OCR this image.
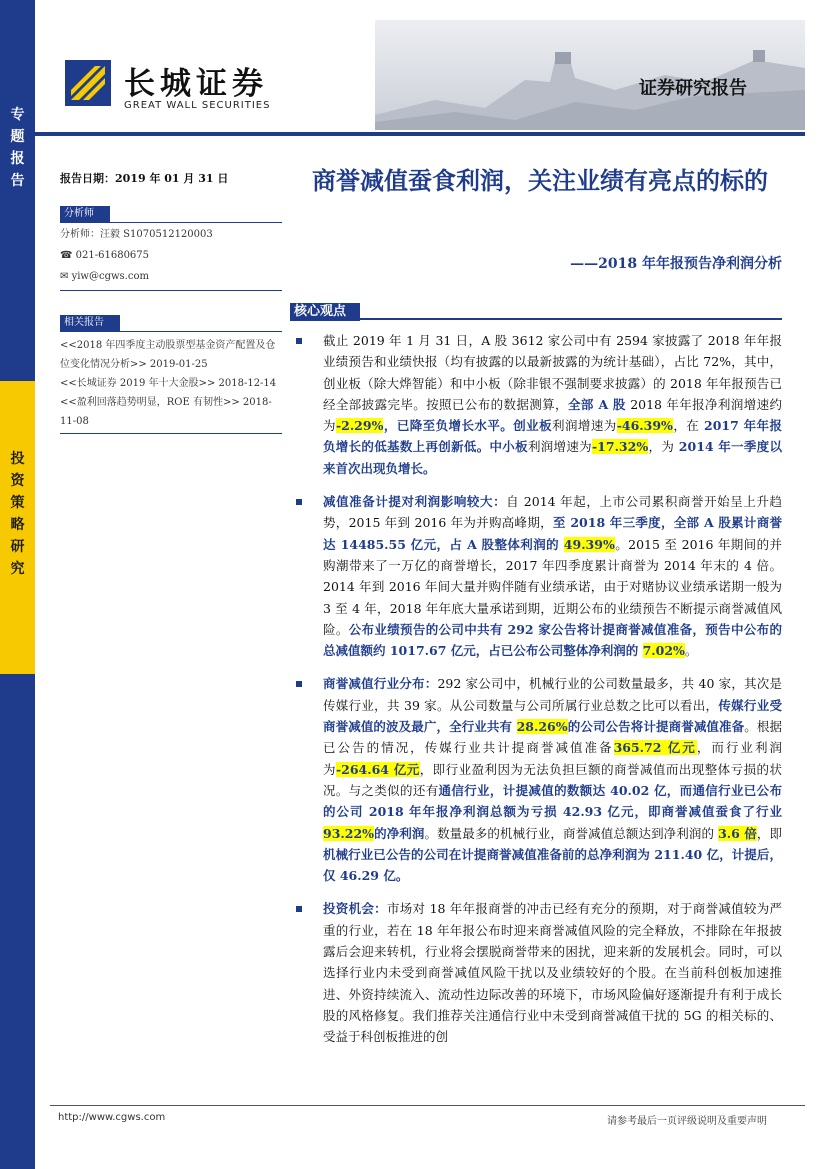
专
题
报
告
投
资
策
略
研
究
长城证券
GREAT WALL SECURITIES
证券研究报告
报告日期：2019 年 01 月 31 日
分析师
分析师：汪毅 S1070512120003
☎ 021-61680675
✉ yiw@cgws.com
相关报告
<<2018 年四季度主动股票型基金资产配置及仓位变化情况分析>> 2019-01-25
<<长城证券 2019 年十大金股>> 2018-12-14
<<盈利回落趋势明显，ROE 有韧性>> 2018-11-08
商誉减值蚕食利润，关注业绩有亮点的标的
——2018 年年报预告净利润分析
核心观点
截止 2019 年 1 月 31 日，A 股 3612 家公司中有 2594 家披露了 2018 年年报业绩预告和业绩快报（均有披露的以最新披露的为统计基础），占比 72%，其中，创业板（除大烨智能）和中小板（除非银不强制要求披露）的 2018 年年报预告已经全部披露完毕。按照已公布的数据测算，全部 A 股 2018 年年报净利润增速约为-2.29%，已降至负增长水平。创业板利润增速为-46.39%，在 2017 年年报负增长的低基数上再创新低。中小板利润增速为-17.32%，为 2014 年一季度以来首次出现负增长。
减值准备计提对利润影响较大：自 2014 年起，上市公司累积商誉开始呈上升趋势，2015 年到 2016 年为并购高峰期，至 2018 年三季度，全部 A 股累计商誉达 14485.55 亿元，占 A 股整体利润的 49.39%。2015 至 2016 年期间的并购潮带来了一万亿的商誉增长，2017 年四季度累计商誉为 2014 年末的 4 倍。2014 年到 2016 年间大量并购伴随有业绩承诺，由于对赌协议业绩承诺期一般为 3 至 4 年，2018 年年底大量承诺到期，近期公布的业绩预告不断提示商誉减值风险。公布业绩预告的公司中共有 292 家公告将计提商誉减值准备，预告中公布的总减值额约 1017.67 亿元，占已公布公司整体净利润的 7.02%。
商誉减值行业分布：292 家公司中，机械行业的公司数量最多，共 40 家，其次是传媒行业，共 39 家。从公司数量与公司所属行业总数之比可以看出，传媒行业受商誉减值的波及最广，全行业共有 28.26%的公司公告将计提商誉减值准备。根据已公告的情况，传媒行业共计提商誉减值准备365.72 亿元，而行业利润为-264.64 亿元，即行业盈利因为无法负担巨额的商誉减值而出现整体亏损的状况。与之类似的还有通信行业，计提减值的数额达 40.02 亿，而通信行业已公布的公司 2018 年年报净利润总额为亏损 42.93 亿元，即商誉减值蚕食了行业 93.22%的净利润。数量最多的机械行业，商誉减值总额达到净利润的 3.6 倍，即机械行业已公告的公司在计提商誉减值准备前的总净利润为 211.40 亿，计提后，仅 46.29 亿。
投资机会：市场对 18 年年报商誉的冲击已经有充分的预期，对于商誉减值较为严重的行业，若在 18 年年报公布时迎来商誉减值风险的完全释放，不排除在年报披露后会迎来转机，行业将会摆脱商誉带来的困扰，迎来新的发展机会。同时，可以选择行业内未受到商誉减值风险干扰以及业绩较好的个股。在当前科创板加速推进、外资持续流入、流动性边际改善的环境下，市场风险偏好逐渐提升有利于成长股的风格修复。我们推荐关注通信行业中未受到商誉减值干扰的 5G 的相关标的、受益于科创板推进的创
http://www.cgws.com	请参考最后一页评级说明及重要声明
